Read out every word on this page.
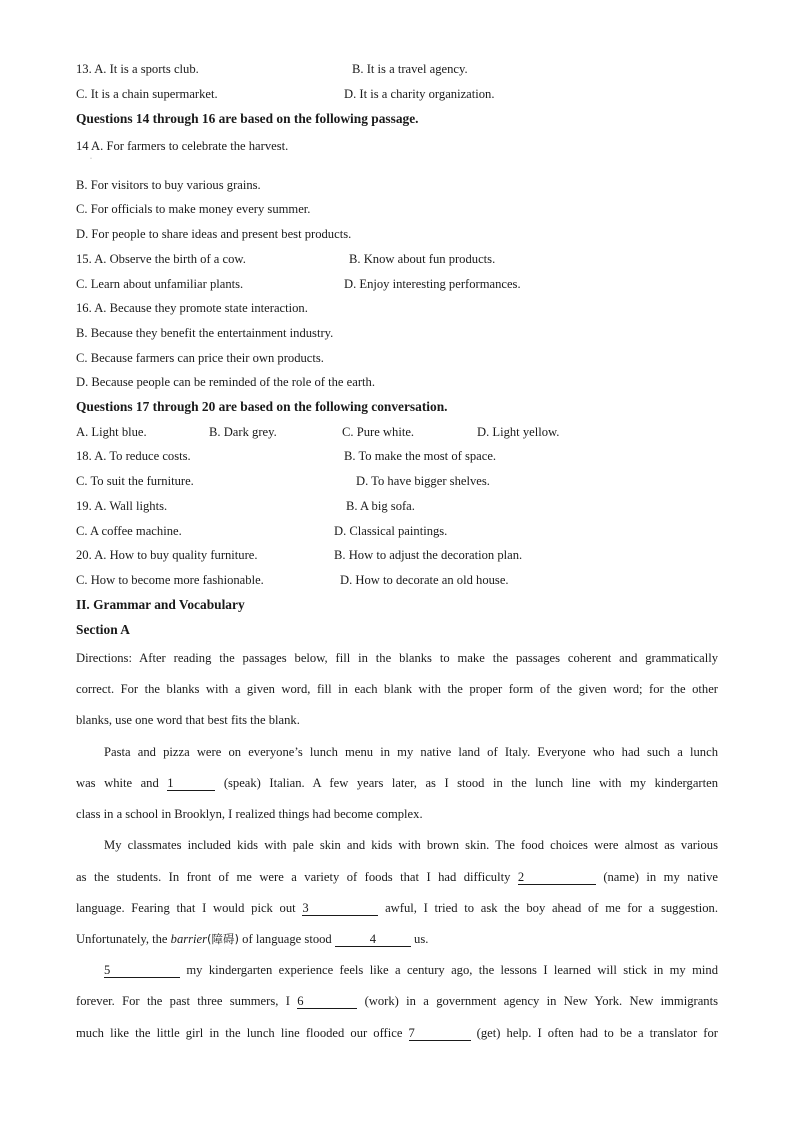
13. A. It is a sports club.	B. It is a travel agency.
C. It is a chain supermarket.	D. It is a charity organization.
Questions 14 through 16 are based on the following passage.
14 A. For farmers to celebrate the harvest.
·
B. For visitors to buy various grains.
C. For officials to make money every summer.
D. For people to share ideas and present best products.
15. A. Observe the birth of a cow.	B. Know about fun products.
C. Learn about unfamiliar plants.	D. Enjoy interesting performances.
16. A. Because they promote state interaction.
B. Because they benefit the entertainment industry.
C. Because farmers can price their own products.
D. Because people can be reminded of the role of the earth.
Questions 17 through 20 are based on the following conversation.
A. Light blue.	B. Dark grey.	C. Pure white.	D. Light yellow.
18. A. To reduce costs.	B. To make the most of space.
C. To suit the furniture.	D. To have bigger shelves.
19. A. Wall lights.	B. A big sofa.
C. A coffee machine.	D. Classical paintings.
20. A. How to buy quality furniture.	B. How to adjust the decoration plan.
C. How to become more fashionable.	D. How to decorate an old house.
II. Grammar and Vocabulary
Section A
Directions: After reading the passages below, fill in the blanks to make the passages coherent and grammatically
correct. For the blanks with a given word, fill in each blank with the proper form of the given word; for the other
blanks, use one word that best fits the blank.
Pasta and pizza were on everyone’s lunch menu in my native land of Italy. Everyone who had such a lunch
was white and 1	(speak) Italian. A few years later, as I stood in the lunch line with my kindergarten
class in a school in Brooklyn, I realized things had become complex.
My classmates included kids with pale skin and kids with brown skin. The food choices were almost as various
as the students. In front of me were a variety of foods that I had difficulty 2	(name) in my native
language. Fearing that I would pick out 3	awful, I tried to ask the boy ahead of me for a suggestion.
Unfortunately, the barrier(障碍) of language stood	4	us.
5	my kindergarten experience feels like a century ago, the lessons I learned will stick in my mind
forever. For the past three summers, I 6	(work) in a government agency in New York. New immigrants
much like the little girl in the lunch line flooded our office 7	(get) help. I often had to be a translator for
